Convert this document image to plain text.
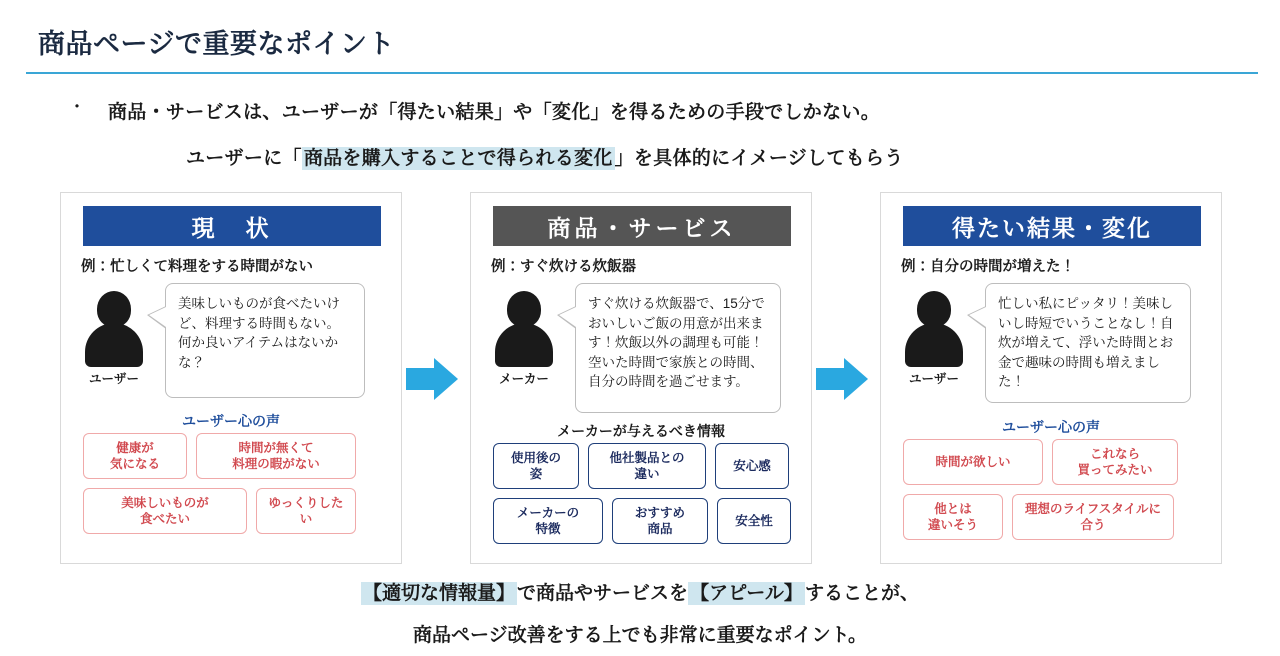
商品ページで重要なポイント
・ 商品・サービスは、ユーザーが「得たい結果」や「変化」を得るための手段でしかない。
ユーザーに「 商品を購入することで得られる変化 」を具体的にイメージしてもらう
現　状
例：忙しくて料理をする時間がない
ユーザー
美味しいものが食べたいけど、料理する時間もない。何か良いアイテムはないかな？
ユーザー心の声
健康が
気になる
時間が無くて
料理の暇がない
美味しいものが
食べたい
ゆっくりしたい
商品・サービス
例：すぐ炊ける炊飯器
メーカー
すぐ炊ける炊飯器で、15分でおいしいご飯の用意が出来ます！炊飯以外の調理も可能！空いた時間で家族との時間、自分の時間を過ごせます。
メーカーが与えるべき情報
使用後の
姿
他社製品との
違い
安心感
メーカーの
特徴
おすすめ
商品
安全性
得たい結果・変化
例：自分の時間が増えた！
ユーザー
忙しい私にピッタリ！美味しいし時短でいうことなし！自炊が増えて、浮いた時間とお金で趣味の時間も増えました！
ユーザー心の声
時間が欲しい
これなら
買ってみたい
他とは
違いそう
理想のライフスタイルに
合う
【適切な情報量】 で商品やサービスを 【アピール】 することが、
商品ページ改善をする上でも非常に重要なポイント。
